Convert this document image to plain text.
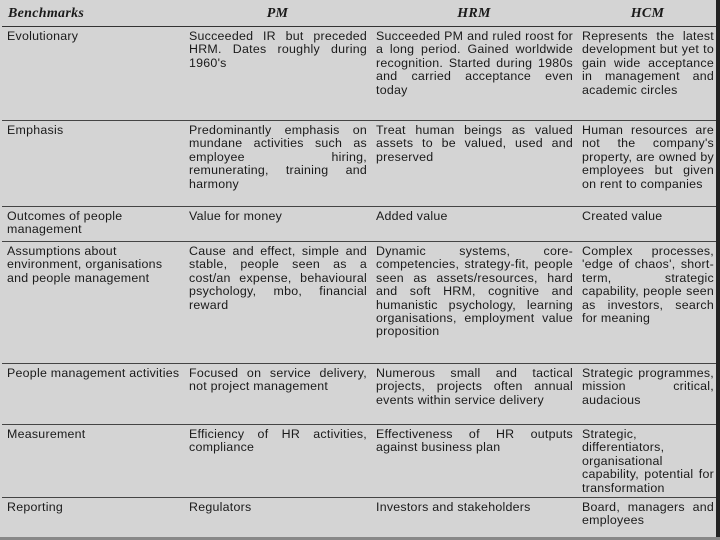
Benchmarks	PM	HRM	HCM
Evolutionary	Succeeded IR but preceded HRM. Dates roughly during 1960's	Succeeded PM and ruled roost for a long period. Gained worldwide recognition. Started during 1980s and carried acceptance even today	Represents the latest development but yet to gain wide acceptance in management and academic circles
Emphasis	Predominantly emphasis on mundane activities such as employee hiring, remunerating, training and harmony	Treat human beings as valued assets to be valued, used and preserved	Human resources are not the company's property, are owned by employees but given on rent to companies
Outcomes of people management	Value for money	Added value	Created value
Assumptions about environment, organisations and people management	Cause and effect, simple and stable, people seen as a cost/an expense, behavioural psychology, mbo, financial reward	Dynamic systems, core-competencies, strategy-fit, people seen as assets/resources, hard and soft HRM, cognitive and humanistic psychology, learning organisations, employment value proposition	Complex processes, 'edge of chaos', short-term, strategic capability, people seen as investors, search for meaning
People management activities	Focused on service delivery, not project management	Numerous small and tactical projects, projects often annual events within service delivery	Strategic programmes, mission critical, audacious
Measurement	Efficiency of HR activities, compliance	Effectiveness of HR outputs against business plan	Strategic, differentiators, organisational capability, potential for transformation
Reporting	Regulators	Investors and stakeholders	Board, managers and employees
